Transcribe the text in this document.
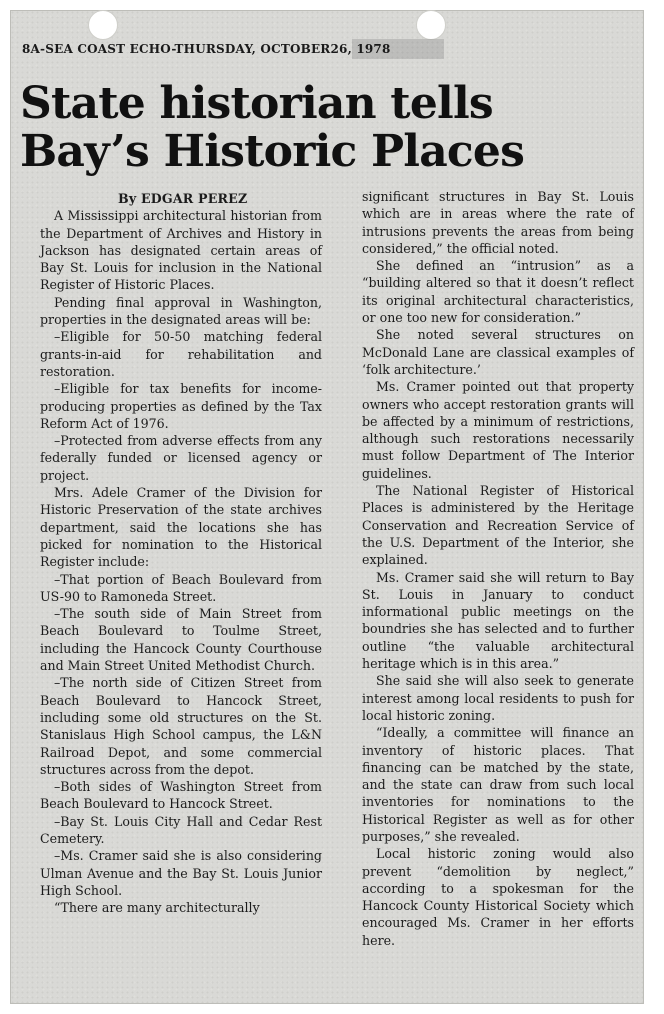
8A-SEA COAST ECHO-THURSDAY, OCTOBER26, 1978
State historian tells
Bay’s Historic Places
By EDGAR PEREZ

A Mississippi architectural historian from the Department of Archives and History in Jackson has designated certain areas of Bay St. Louis for inclusion in the National Register of Historic Places.

Pending final approval in Washington, properties in the designated areas will be:

–Eligible for 50-50 matching federal grants-in-aid for rehabilitation and restoration.

–Eligible for tax benefits for income-producing properties as defined by the Tax Reform Act of 1976.

–Protected from adverse effects from any federally funded or licensed agency or project.

Mrs. Adele Cramer of the Division for Historic Preservation of the state archives department, said the locations she has picked for nomination to the Historical Register include:

–That portion of Beach Boulevard from US-90 to Ramoneda Street.

–The south side of Main Street from Beach Boulevard to Toulme Street, including the Hancock County Courthouse and Main Street United Methodist Church.

–The north side of Citizen Street from Beach Boulevard to Hancock Street, including some old structures on the St. Stanislaus High School campus, the L&N Railroad Depot, and some commercial structures across from the depot.

–Both sides of Washington Street from Beach Boulevard to Hancock Street.

–Bay St. Louis City Hall and Cedar Rest Cemetery.

–Ms. Cramer said she is also considering Ulman Avenue and the Bay St. Louis Junior High School.

“There are many architecturally

significant structures in Bay St. Louis which are in areas where the rate of intrusions prevents the areas from being considered,” the official noted.

She defined an “intrusion” as a “building altered so that it doesn’t reflect its original architectural characteristics, or one too new for consideration.”

She noted several structures on McDonald Lane are classical examples of ‘folk architecture.’

Ms. Cramer pointed out that property owners who accept restoration grants will be affected by a minimum of restrictions, although such restorations necessarily must follow Department of The Interior guidelines.

The National Register of Historical Places is administered by the Heritage Conservation and Recreation Service of the U.S. Department of the Interior, she explained.

Ms. Cramer said she will return to Bay St. Louis in January to conduct informational public meetings on the boundries she has selected and to further outline “the valuable architectural heritage which is in this area.”

She said she will also seek to generate interest among local residents to push for local historic zoning.

“Ideally, a committee will finance an inventory of historic places. That financing can be matched by the state, and the state can draw from such local inventories for nominations to the Historical Register as well as for other purposes,” she revealed.

Local historic zoning would also prevent “demolition by neglect,” according to a spokesman for the Hancock County Historical Society which encouraged Ms. Cramer in her efforts here.
